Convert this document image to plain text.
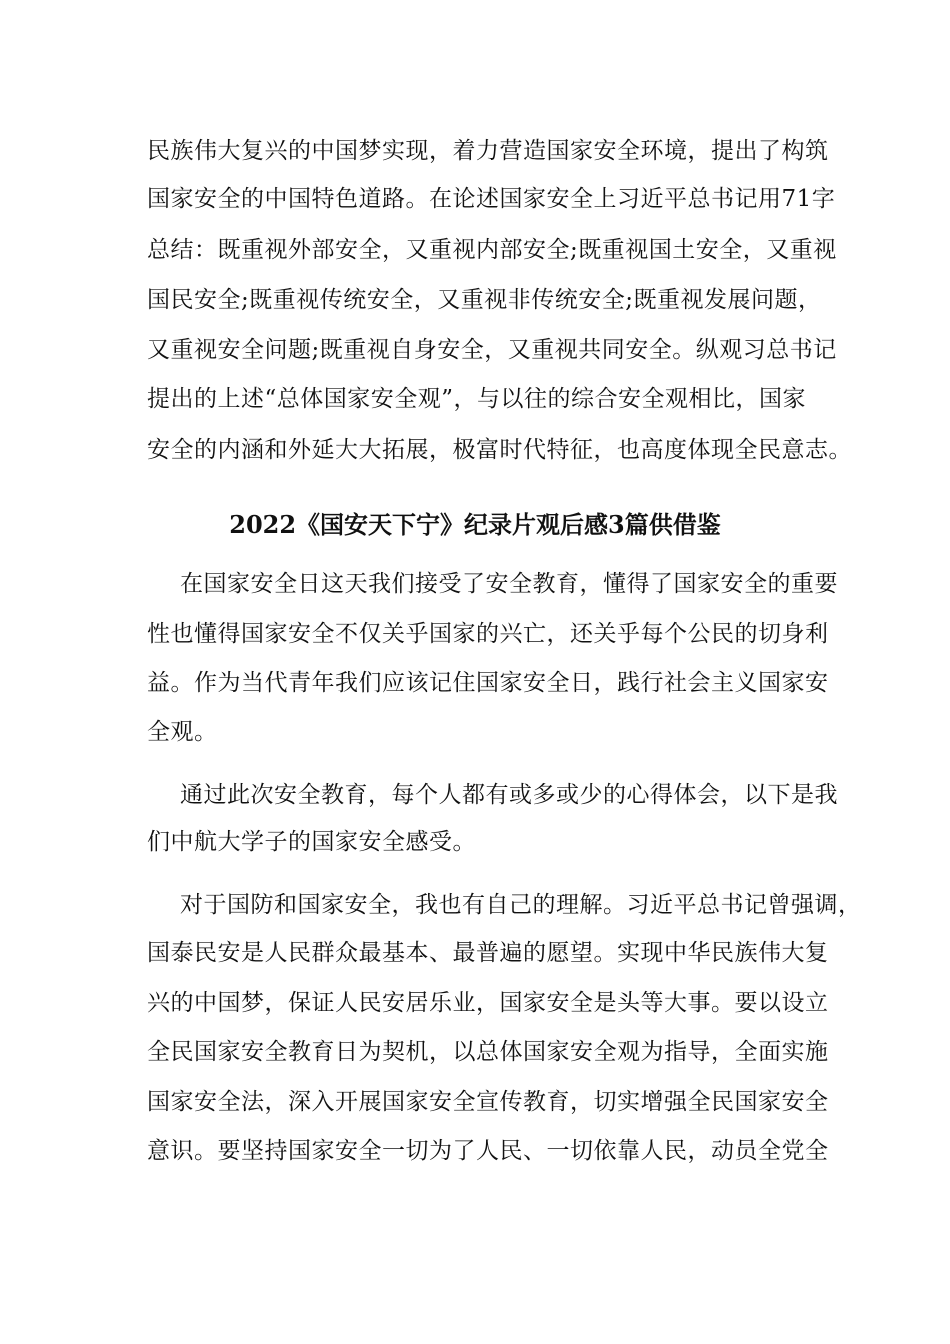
民族伟大复兴的中国梦实现，着力营造国家安全环境，提出了构筑
国家安全的中国特色道路。在论述国家安全上习近平总书记用71字
总结：既重视外部安全，又重视内部安全;既重视国土安全，又重视
国民安全;既重视传统安全，又重视非传统安全;既重视发展问题，
又重视安全问题;既重视自身安全，又重视共同安全。纵观习总书记
提出的上述“总体国家安全观”，与以往的综合安全观相比，国家
安全的内涵和外延大大拓展，极富时代特征，也高度体现全民意志。
2022《国安天下宁》纪录片观后感3篇供借鉴
在国家安全日这天我们接受了安全教育，懂得了国家安全的重要
性也懂得国家安全不仅关乎国家的兴亡，还关乎每个公民的切身利
益。作为当代青年我们应该记住国家安全日，践行社会主义国家安
全观。
通过此次安全教育，每个人都有或多或少的心得体会，以下是我
们中航大学子的国家安全感受。
对于国防和国家安全，我也有自己的理解。习近平总书记曾强调，
国泰民安是人民群众最基本、最普遍的愿望。实现中华民族伟大复
兴的中国梦，保证人民安居乐业，国家安全是头等大事。要以设立
全民国家安全教育日为契机，以总体国家安全观为指导，全面实施
国家安全法，深入开展国家安全宣传教育，切实增强全民国家安全
意识。要坚持国家安全一切为了人民、一切依靠人民，动员全党全
